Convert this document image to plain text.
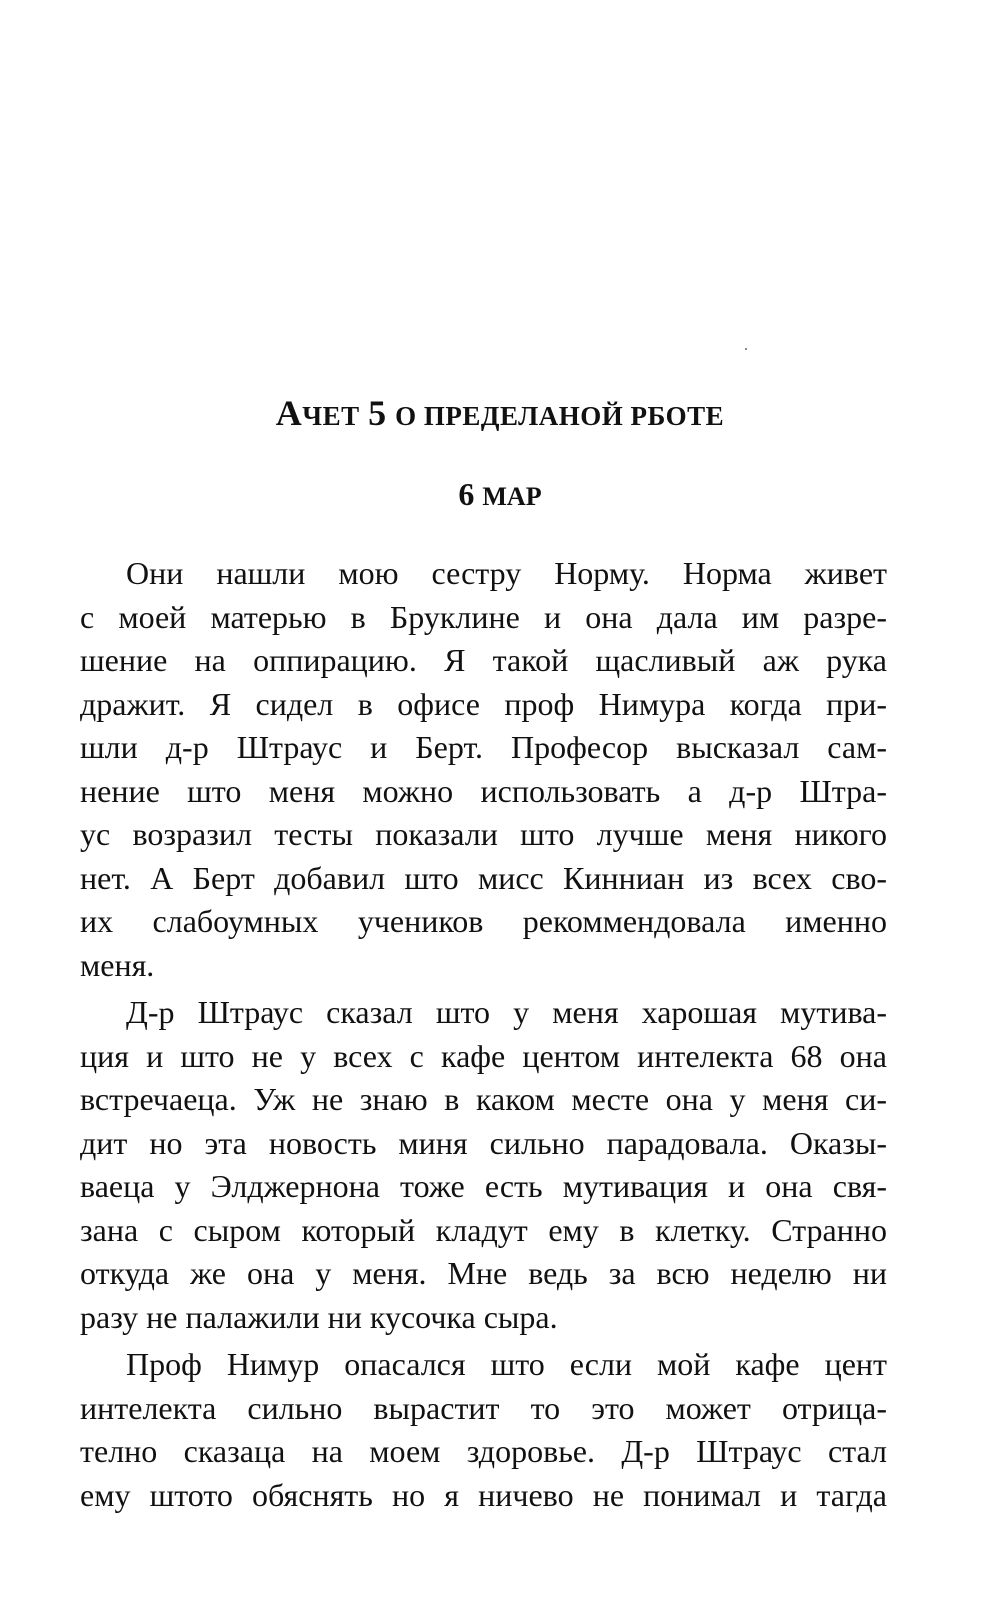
АЧЕТ 5 О ПРЕДЕЛАНОЙ РБОТЕ
6 МАР
Они нашли мою сестру Норму. Норма живет
с моей матерью в Бруклине и она дала им разре-
шение на оппирацию. Я такой щасливый аж рука
дражит. Я сидел в офисе проф Нимура когда при-
шли д-р Штраус и Берт. Професор высказал сам-
нение што меня можно использовать а д-р Штра-
ус возразил тесты показали што лучше меня никого
нет. А Берт добавил што мисс Кинниан из всех сво-
их слабоумных учеников рекоммендовала именно
меня.
Д-р Штраус сказал што у меня харошая мутива-
ция и што не у всех с кафе центом интелекта 68 она
встречаеца. Уж не знаю в каком месте она у меня си-
дит но эта новость миня сильно парадовала. Оказы-
ваеца у Элджернона тоже есть мутивация и она свя-
зана с сыром который кладут ему в клетку. Странно
откуда же она у меня. Мне ведь за всю неделю ни
разу не палажили ни кусочка сыра.
Проф Нимур опасался што если мой кафе цент
интелекта сильно вырастит то это может отрица-
телно сказаца на моем здоровье. Д-р Штраус стал
ему штото обяснять но я ничево не понимал и тагда
